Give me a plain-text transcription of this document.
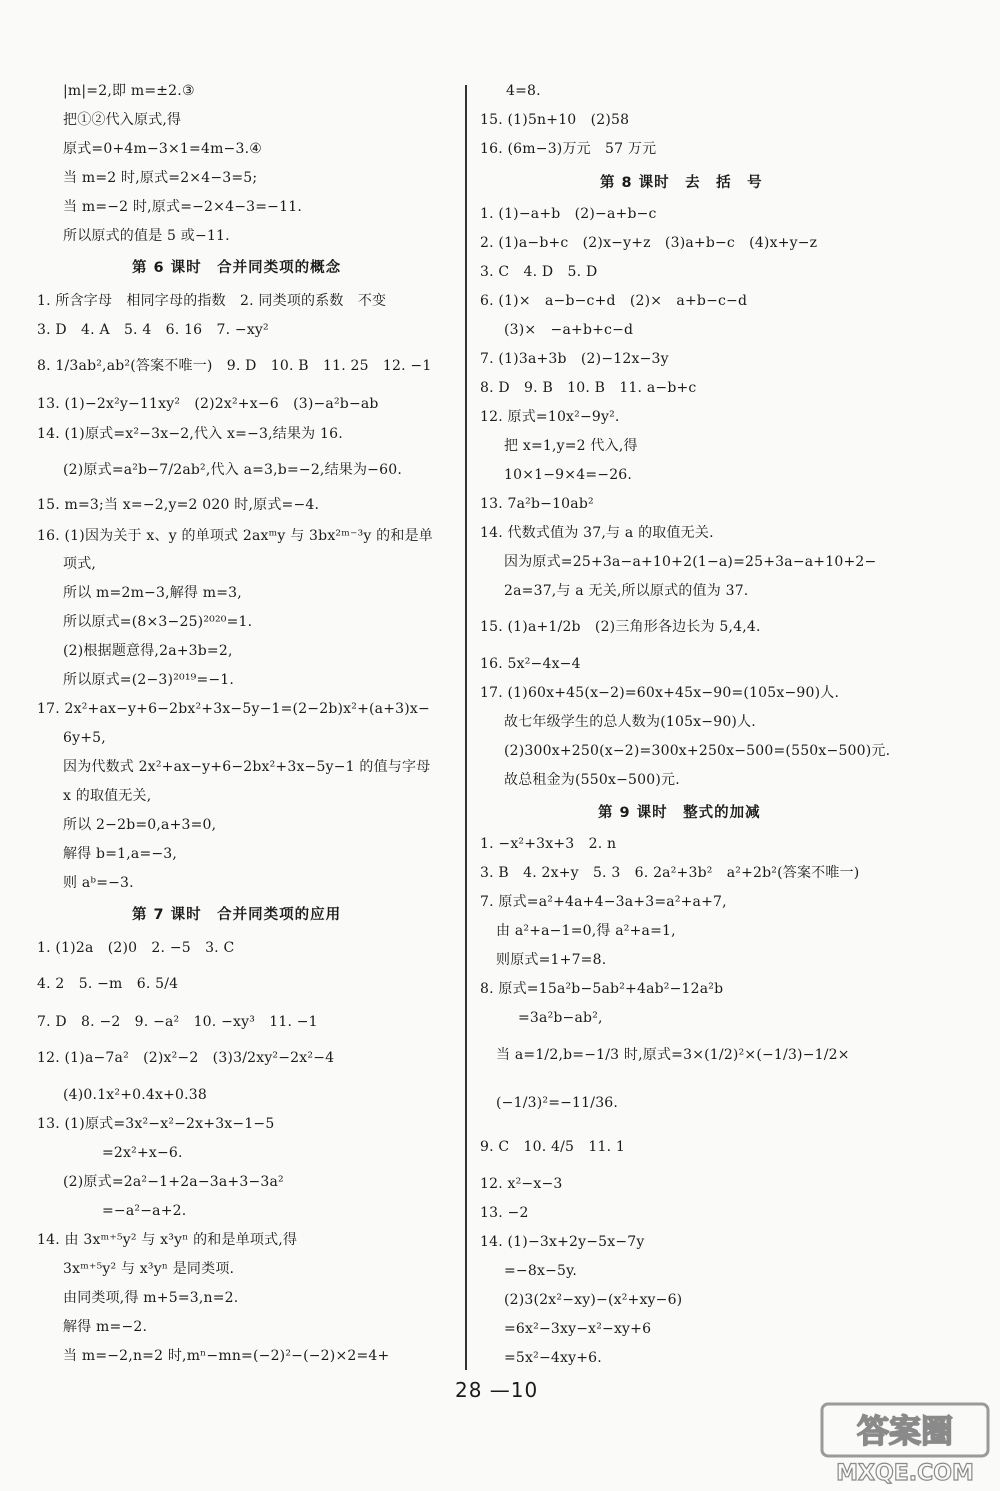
|m|=2,即 m=±2.③
把①②代入原式,得
原式=0+4m−3×1=4m−3.④
当 m=2 时,原式=2×4−3=5;
当 m=−2 时,原式=−2×4−3=−11.
所以原式的值是 5 或−11.
第 6 课时　合并同类项的概念
1. 所含字母　相同字母的指数　2. 同类项的系数　不变
3. D　4. A　5. 4　6. 16　7. −xy²
8. 1/3ab²,ab²(答案不唯一)　9. D　10. B　11. 25　12. −1
13. (1)−2x²y−11xy²　(2)2x²+x−6　(3)−a²b−ab
14. (1)原式=x²−3x−2,代入 x=−3,结果为 16.
(2)原式=a²b−7/2ab²,代入 a=3,b=−2,结果为−60.
15. m=3;当 x=−2,y=2 020 时,原式=−4.
16. (1)因为关于 x、y 的单项式 2axᵐy 与 3bx²ᵐ⁻³y 的和是单
项式,
所以 m=2m−3,解得 m=3,
所以原式=(8×3−25)²⁰²⁰=1.
(2)根据题意得,2a+3b=2,
所以原式=(2−3)²⁰¹⁹=−1.
17. 2x²+ax−y+6−2bx²+3x−5y−1=(2−2b)x²+(a+3)x−
6y+5,
因为代数式 2x²+ax−y+6−2bx²+3x−5y−1 的值与字母
x 的取值无关,
所以 2−2b=0,a+3=0,
解得 b=1,a=−3,
则 aᵇ=−3.
第 7 课时　合并同类项的应用
1. (1)2a　(2)0　2. −5　3. C
4. 2　5. −m　6. 5/4
7. D　8. −2　9. −a²　10. −xy³　11. −1
12. (1)a−7a²　(2)x²−2　(3)3/2xy²−2x²−4
(4)0.1x²+0.4x+0.38
13. (1)原式=3x²−x²−2x+3x−1−5
=2x²+x−6.
(2)原式=2a²−1+2a−3a+3−3a²
=−a²−a+2.
14. 由 3xᵐ⁺⁵y² 与 x³yⁿ 的和是单项式,得
3xᵐ⁺⁵y² 与 x³yⁿ 是同类项.
由同类项,得 m+5=3,n=2.
解得 m=−2.
当 m=−2,n=2 时,mⁿ−mn=(−2)²−(−2)×2=4+
4=8.
15. (1)5n+10　(2)58
16. (6m−3)万元　57 万元
第 8 课时　去　括　号
1. (1)−a+b　(2)−a+b−c
2. (1)a−b+c　(2)x−y+z　(3)a+b−c　(4)x+y−z
3. C　4. D　5. D
6. (1)×　a−b−c+d　(2)×　a+b−c−d
(3)×　−a+b+c−d
7. (1)3a+3b　(2)−12x−3y
8. D　9. B　10. B　11. a−b+c
12. 原式=10x²−9y².
把 x=1,y=2 代入,得
10×1−9×4=−26.
13. 7a²b−10ab²
14. 代数式值为 37,与 a 的取值无关.
因为原式=25+3a−a+10+2(1−a)=25+3a−a+10+2−
2a=37,与 a 无关,所以原式的值为 37.
15. (1)a+1/2b　(2)三角形各边长为 5,4,4.
16. 5x²−4x−4
17. (1)60x+45(x−2)=60x+45x−90=(105x−90)人.
故七年级学生的总人数为(105x−90)人.
(2)300x+250(x−2)=300x+250x−500=(550x−500)元.
故总租金为(550x−500)元.
第 9 课时　整式的加减
1. −x²+3x+3　2. n
3. B　4. 2x+y　5. 3　6. 2a²+3b²　a²+2b²(答案不唯一)
7. 原式=a²+4a+4−3a+3=a²+a+7,
由 a²+a−1=0,得 a²+a=1,
则原式=1+7=8.
8. 原式=15a²b−5ab²+4ab²−12a²b
=3a²b−ab²,
当 a=1/2,b=−1/3 时,原式=3×(1/2)²×(−1/3)−1/2×
(−1/3)²=−11/36.
9. C　10. 4/5　11. 1
12. x²−x−3
13. −2
14. (1)−3x+2y−5x−7y
=−8x−5y.
(2)3(2x²−xy)−(x²+xy−6)
=6x²−3xy−x²−xy+6
=5x²−4xy+6.
28 —10
答案圈
MXQE.COM
